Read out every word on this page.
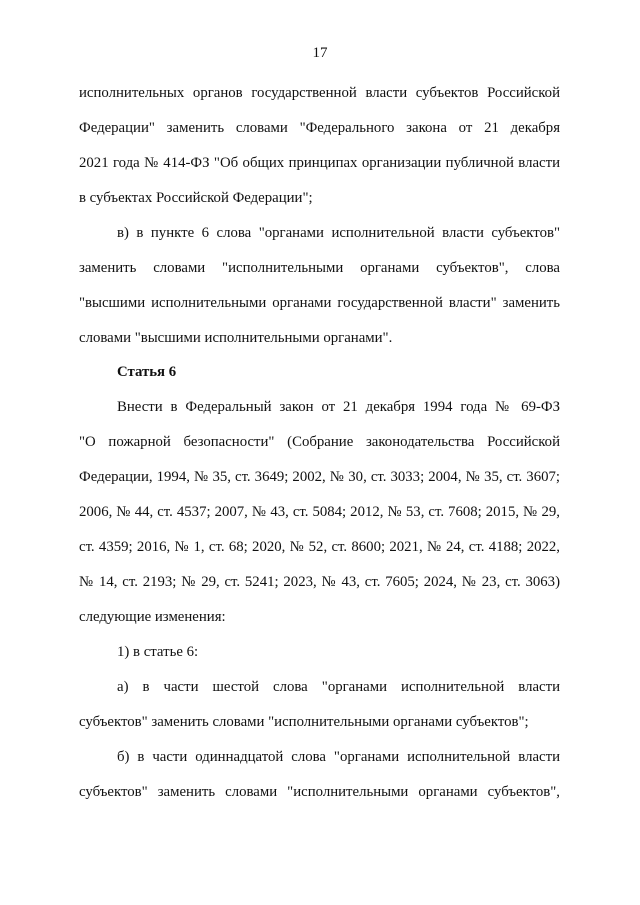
17
исполнительных органов государственной власти субъектов Российской
Федерации" заменить словами "Федерального закона от 21 декабря
2021 года № 414-ФЗ "Об общих принципах организации публичной власти
в субъектах Российской Федерации";
в) в пункте 6 слова "органами исполнительной власти субъектов"
заменить словами "исполнительными органами субъектов", слова
"высшими исполнительными органами государственной власти" заменить
словами "высшими исполнительными органами".
Статья 6
Внести в Федеральный закон от 21 декабря 1994 года № 69-ФЗ
"О пожарной безопасности" (Собрание законодательства Российской
Федерации, 1994, № 35, ст. 3649; 2002, № 30, ст. 3033; 2004, № 35, ст. 3607;
2006, № 44, ст. 4537; 2007, № 43, ст. 5084; 2012, № 53, ст. 7608; 2015, № 29,
ст. 4359; 2016, № 1, ст. 68; 2020, № 52, ст. 8600; 2021, № 24, ст. 4188; 2022,
№ 14, ст. 2193; № 29, ст. 5241; 2023, № 43, ст. 7605; 2024, № 23, ст. 3063)
следующие изменения:
1) в статье 6:
а) в части шестой слова "органами исполнительной власти
субъектов" заменить словами "исполнительными органами субъектов";
б) в части одиннадцатой слова "органами исполнительной власти
субъектов" заменить словами "исполнительными органами субъектов",
